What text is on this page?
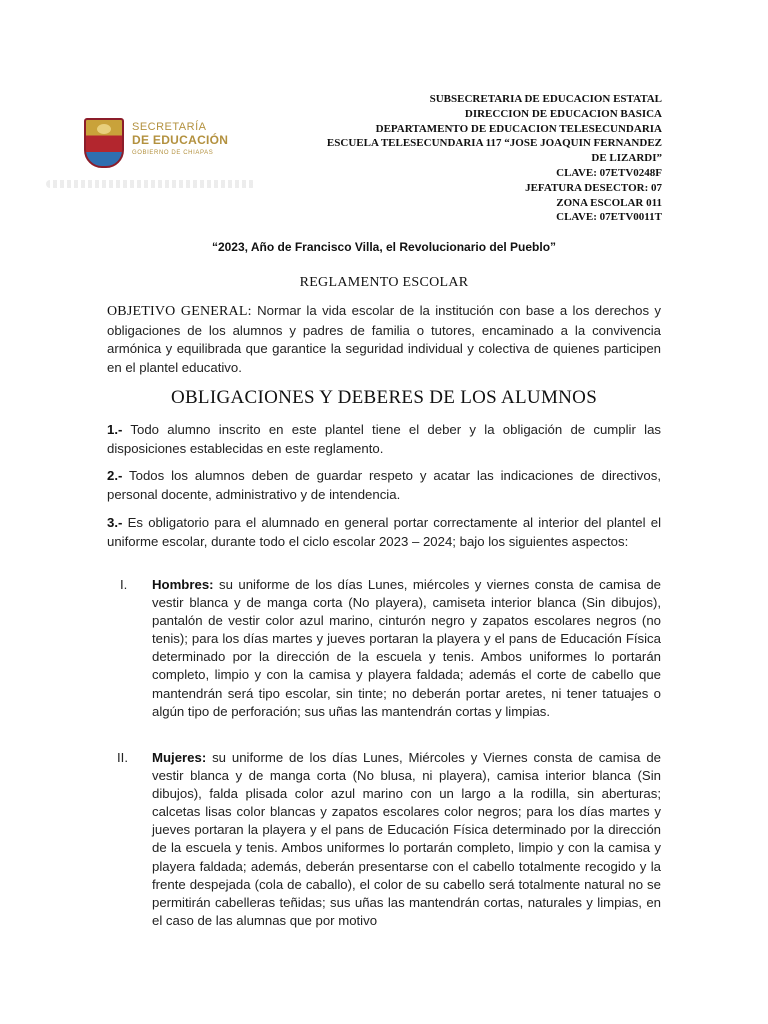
SECRETARÍA
DE EDUCACIÓN
GOBIERNO DE CHIAPAS
SUBSECRETARIA DE EDUCACION ESTATAL
DIRECCION DE EDUCACION BASICA
DEPARTAMENTO DE EDUCACION TELESECUNDARIA
ESCUELA TELESECUNDARIA 117 “JOSE JOAQUIN FERNANDEZ
DE LIZARDI”
CLAVE: 07ETV0248F
JEFATURA DESECTOR: 07
ZONA ESCOLAR 011
CLAVE: 07ETV0011T
“2023, Año de Francisco Villa, el Revolucionario del Pueblo”
REGLAMENTO ESCOLAR

OBJETIVO GENERAL: Normar la vida escolar de la institución con base a los derechos y obligaciones de los alumnos y padres de familia o tutores, encaminado a la convivencia armónica y equilibrada que garantice la seguridad individual y colectiva de quienes participen en el plantel educativo.

OBLIGACIONES Y DEBERES DE LOS ALUMNOS

1.- Todo alumno inscrito en este plantel tiene el deber y la obligación de cumplir las disposiciones establecidas en este reglamento.

2.- Todos los alumnos deben de guardar respeto y acatar las indicaciones de directivos, personal docente, administrativo y de intendencia.

3.- Es obligatorio para el alumnado en general portar correctamente al interior del plantel el uniforme escolar, durante todo el ciclo escolar 2023 – 2024; bajo los siguientes aspectos:

I. Hombres: su uniforme de los días Lunes, miércoles y viernes consta de camisa de vestir blanca y de manga corta (No playera), camiseta interior blanca (Sin dibujos), pantalón de vestir color azul marino, cinturón negro y zapatos escolares negros (no tenis); para los días martes y jueves portaran la playera y el pans de Educación Física determinado por la dirección de la escuela y tenis. Ambos uniformes lo portarán completo, limpio y con la camisa y playera faldada; además el corte de cabello que mantendrán será tipo escolar, sin tinte; no deberán portar aretes, ni tener tatuajes o algún tipo de perforación; sus uñas las mantendrán cortas y limpias.

II. Mujeres: su uniforme de los días Lunes, Miércoles y Viernes consta de camisa de vestir blanca y de manga corta (No blusa, ni playera), camisa interior blanca (Sin dibujos), falda plisada color azul marino con un largo a la rodilla, sin aberturas; calcetas lisas color blancas y zapatos escolares color negros; para los días martes y jueves portaran la playera y el pans de Educación Física determinado por la dirección de la escuela y tenis. Ambos uniformes lo portarán completo, limpio y con la camisa y playera faldada; además, deberán presentarse con el cabello totalmente recogido y la frente despejada (cola de caballo), el color de su cabello será totalmente natural no se permitirán cabelleras teñidas; sus uñas las mantendrán cortas, naturales y limpias, en el caso de las alumnas que por motivo
